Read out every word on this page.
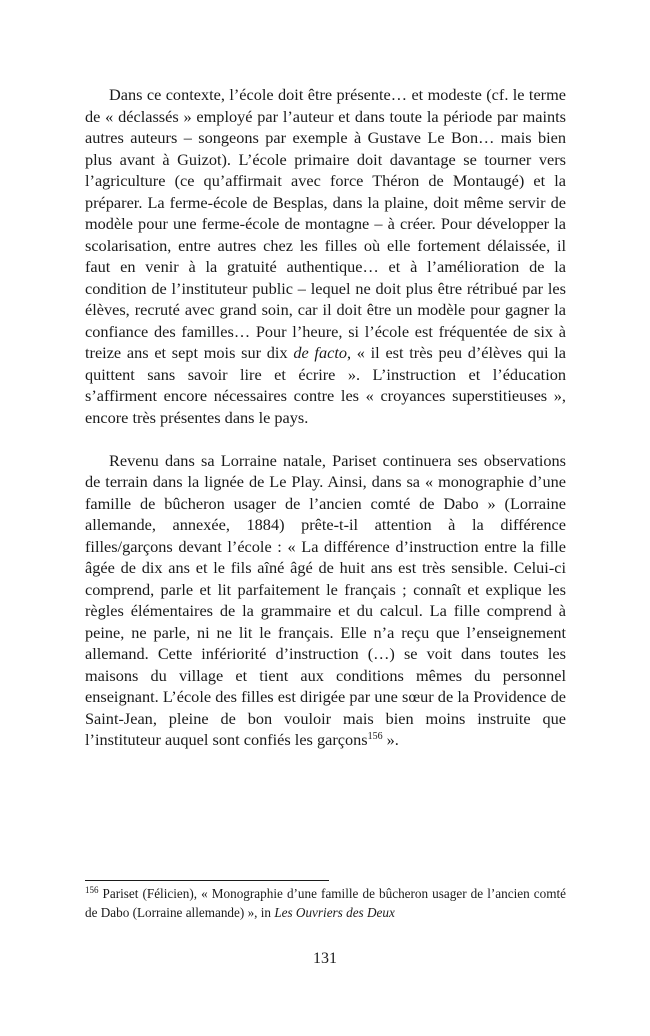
Dans ce contexte, l’école doit être présente… et modeste (cf. le terme de « déclassés » employé par l’auteur et dans toute la période par maints autres auteurs – songeons par exemple à Gustave Le Bon… mais bien plus avant à Guizot). L’école primaire doit davantage se tourner vers l’agriculture (ce qu’affirmait avec force Théron de Montaugé) et la préparer. La ferme-école de Besplas, dans la plaine, doit même servir de modèle pour une ferme-école de montagne – à créer. Pour développer la scolarisation, entre autres chez les filles où elle fortement délaissée, il faut en venir à la gratuité authentique… et à l’amélioration de la condition de l’instituteur public – lequel ne doit plus être rétribué par les élèves, recruté avec grand soin, car il doit être un modèle pour gagner la confiance des familles… Pour l’heure, si l’école est fréquentée de six à treize ans et sept mois sur dix de facto, « il est très peu d’élèves qui la quittent sans savoir lire et écrire ». L’instruction et l’éducation s’affirment encore nécessaires contre les « croyances superstitieuses », encore très présentes dans le pays.

Revenu dans sa Lorraine natale, Pariset continuera ses observations de terrain dans la lignée de Le Play. Ainsi, dans sa « monographie d’une famille de bûcheron usager de l’ancien comté de Dabo » (Lorraine allemande, annexée, 1884) prête-t-il attention à la différence filles/garçons devant l’école : « La différence d’instruction entre la fille âgée de dix ans et le fils aîné âgé de huit ans est très sensible. Celui-ci comprend, parle et lit parfaitement le français ; connaît et explique les règles élémentaires de la grammaire et du calcul. La fille comprend à peine, ne parle, ni ne lit le français. Elle n’a reçu que l’enseignement allemand. Cette infériorité d’instruction (…) se voit dans toutes les maisons du village et tient aux conditions mêmes du personnel enseignant. L’école des filles est dirigée par une sœur de la Providence de Saint-Jean, pleine de bon vouloir mais bien moins instruite que l’instituteur auquel sont confiés les garçons$^{156}$ ».

$^{156}$ Pariset (Félicien), « Monographie d’une famille de bûcheron usager de l’ancien comté de Dabo (Lorraine allemande) », in Les Ouvriers des Deux

131
